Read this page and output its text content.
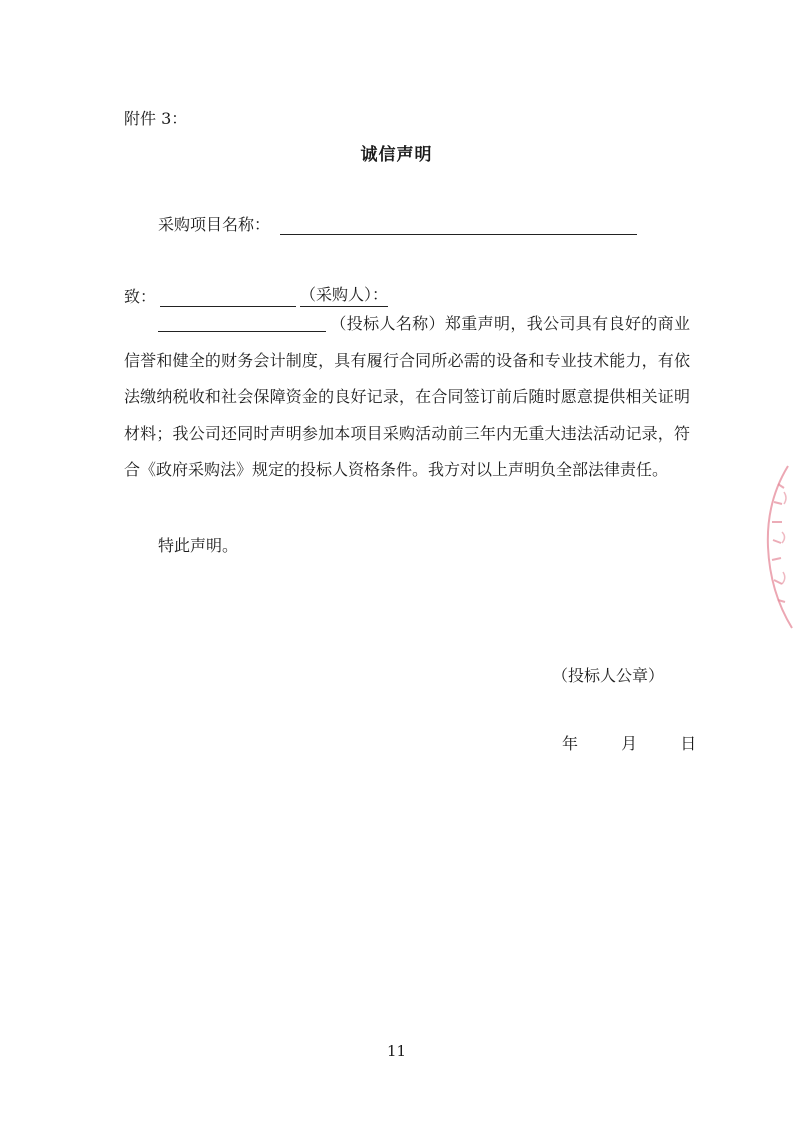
附件 3：
诚信声明
采购项目名称：
致：	（采购人）：
（投标人名称）郑重声明，我公司具有良好的商业信誉和健全的财务会计制度，具有履行合同所必需的设备和专业技术能力，有依法缴纳税收和社会保障资金的良好记录，在合同签订前后随时愿意提供相关证明材料；我公司还同时声明参加本项目采购活动前三年内无重大违法活动记录，符合《政府采购法》规定的投标人资格条件。我方对以上声明负全部法律责任。
特此声明。
（投标人公章）
年	月	日
11
